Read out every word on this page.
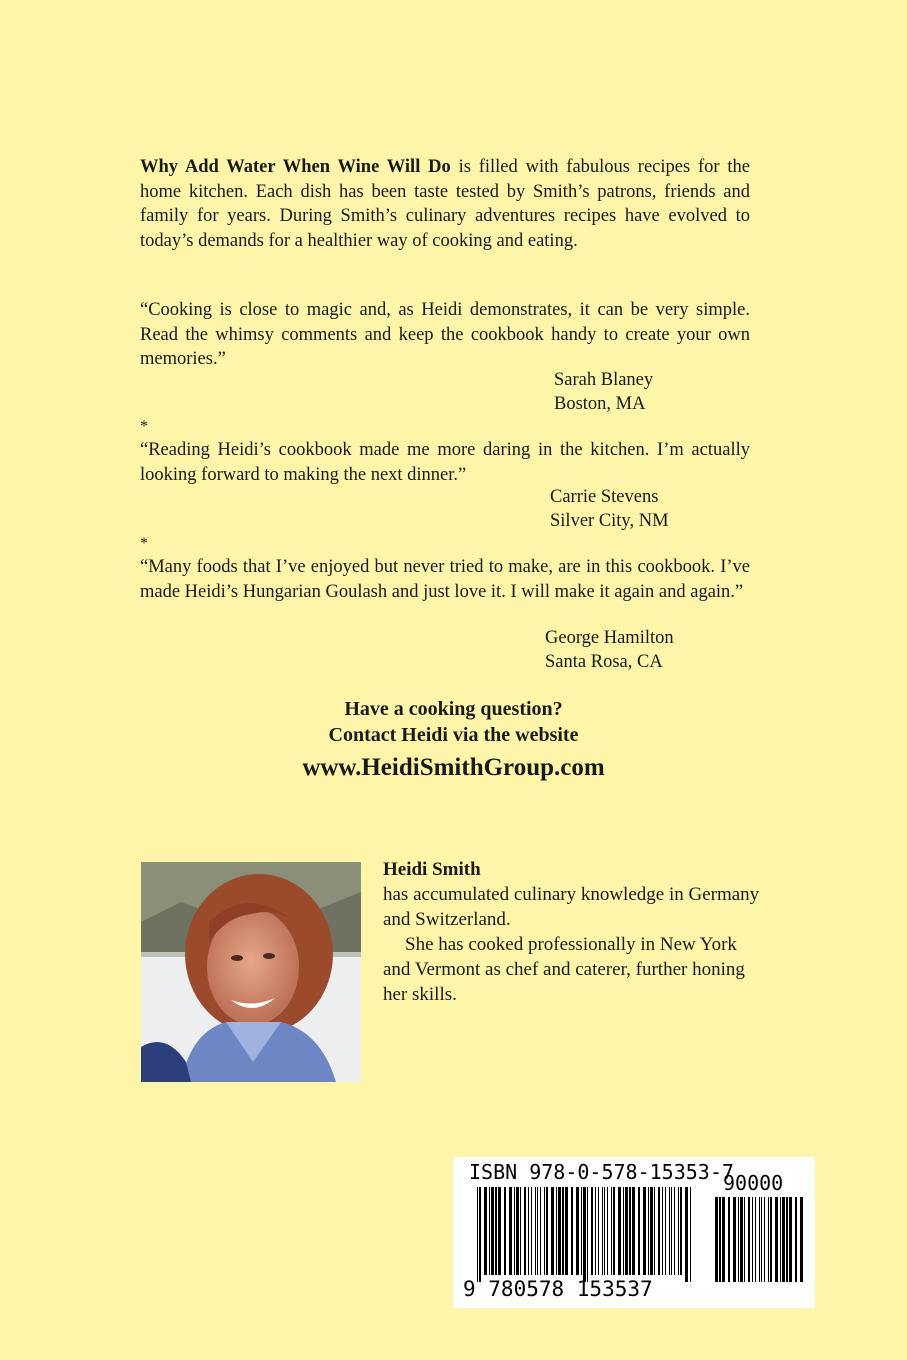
Why Add Water When Wine Will Do is filled with fabulous recipes for the home kitchen. Each dish has been taste tested by Smith’s patrons, friends and family for years. During Smith’s culinary adventures recipes have evolved to today’s demands for a healthier way of cooking and eating.
“Cooking is close to magic and, as Heidi demonstrates, it can be very simple. Read the whimsy comments and keep the cookbook handy to create your own memories.”
Sarah Blaney
Boston, MA
*
“Reading Heidi’s cookbook made me more daring in the kitchen. I’m actually looking forward to making the next dinner.”
Carrie Stevens
Silver City, NM
*
“Many foods that I’ve enjoyed but never tried to make, are in this cookbook. I’ve made Heidi’s Hungarian Goulash and just love it. I will make it again and again.”
George Hamilton
Santa Rosa, CA
Have a cooking question?
Contact Heidi via the website
www.HeidiSmithGroup.com
Heidi Smith
has accumulated culinary knowledge in Germany and Switzerland.
She has cooked professionally in New York and Vermont as chef and caterer, further honing her skills.
ISBN 978-0-578-15353-7
90000
9 780578 153537
